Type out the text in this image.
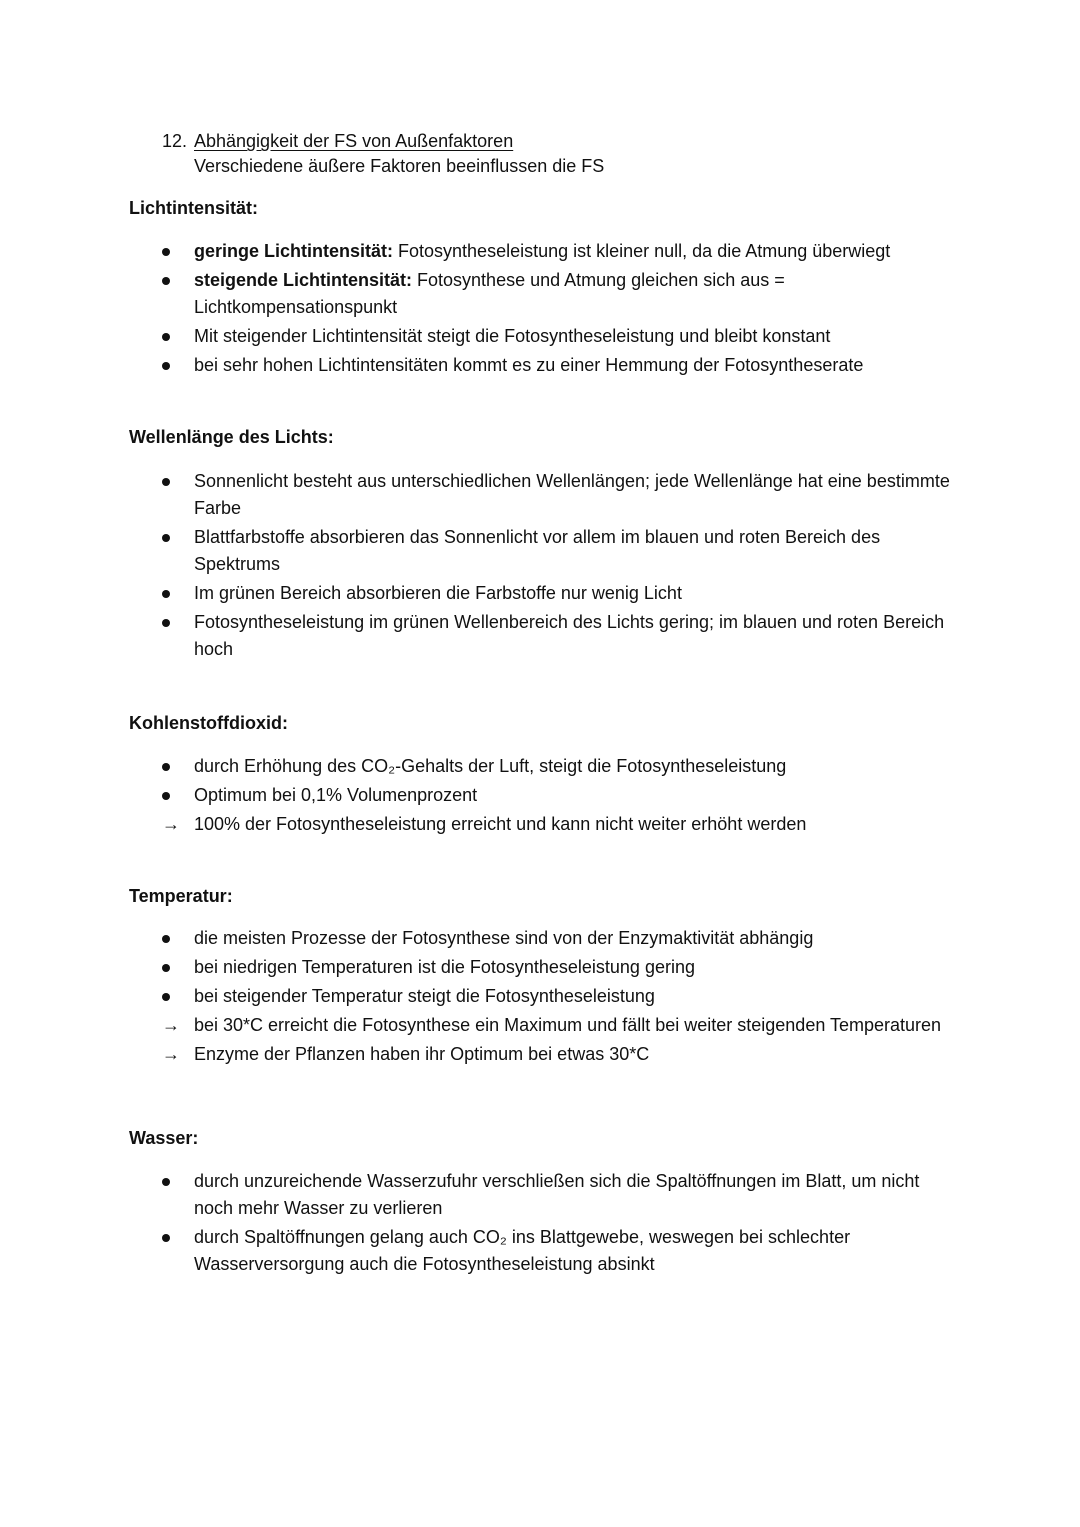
12. Abhängigkeit der FS von Außenfaktoren
Verschiedene äußere Faktoren beeinflussen die FS
Lichtintensität:
geringe Lichtintensität: Fotosyntheseleistung ist kleiner null, da die Atmung überwiegt
steigende Lichtintensität: Fotosynthese und Atmung gleichen sich aus = Lichtkompensationspunkt
Mit steigender Lichtintensität steigt die Fotosyntheseleistung und bleibt konstant
bei sehr hohen Lichtintensitäten kommt es zu einer Hemmung der Fotosyntheserate
Wellenlänge des Lichts:
Sonnenlicht besteht aus unterschiedlichen Wellenlängen; jede Wellenlänge hat eine bestimmte Farbe
Blattfarbstoffe absorbieren das Sonnenlicht vor allem im blauen und roten Bereich des Spektrums
Im grünen Bereich absorbieren die Farbstoffe nur wenig Licht
Fotosyntheseleistung im grünen Wellenbereich des Lichts gering; im blauen und roten Bereich hoch
Kohlenstoffdioxid:
durch Erhöhung des CO₂-Gehalts der Luft, steigt die Fotosyntheseleistung
Optimum bei 0,1% Volumenprozent
→ 100% der Fotosyntheseleistung erreicht und kann nicht weiter erhöht werden
Temperatur:
die meisten Prozesse der Fotosynthese sind von der Enzymaktivität abhängig
bei niedrigen Temperaturen ist die Fotosyntheseleistung gering
bei steigender Temperatur steigt die Fotosyntheseleistung
→ bei 30*C erreicht die Fotosynthese ein Maximum und fällt bei weiter steigenden Temperaturen
→ Enzyme der Pflanzen haben ihr Optimum bei etwas 30*C
Wasser:
durch unzureichende Wasserzufuhr verschließen sich die Spaltöffnungen im Blatt, um nicht noch mehr Wasser zu verlieren
durch Spaltöffnungen gelang auch CO₂ ins Blattgewebe, weswegen bei schlechter Wasserversorgung auch die Fotosyntheseleistung absinkt
